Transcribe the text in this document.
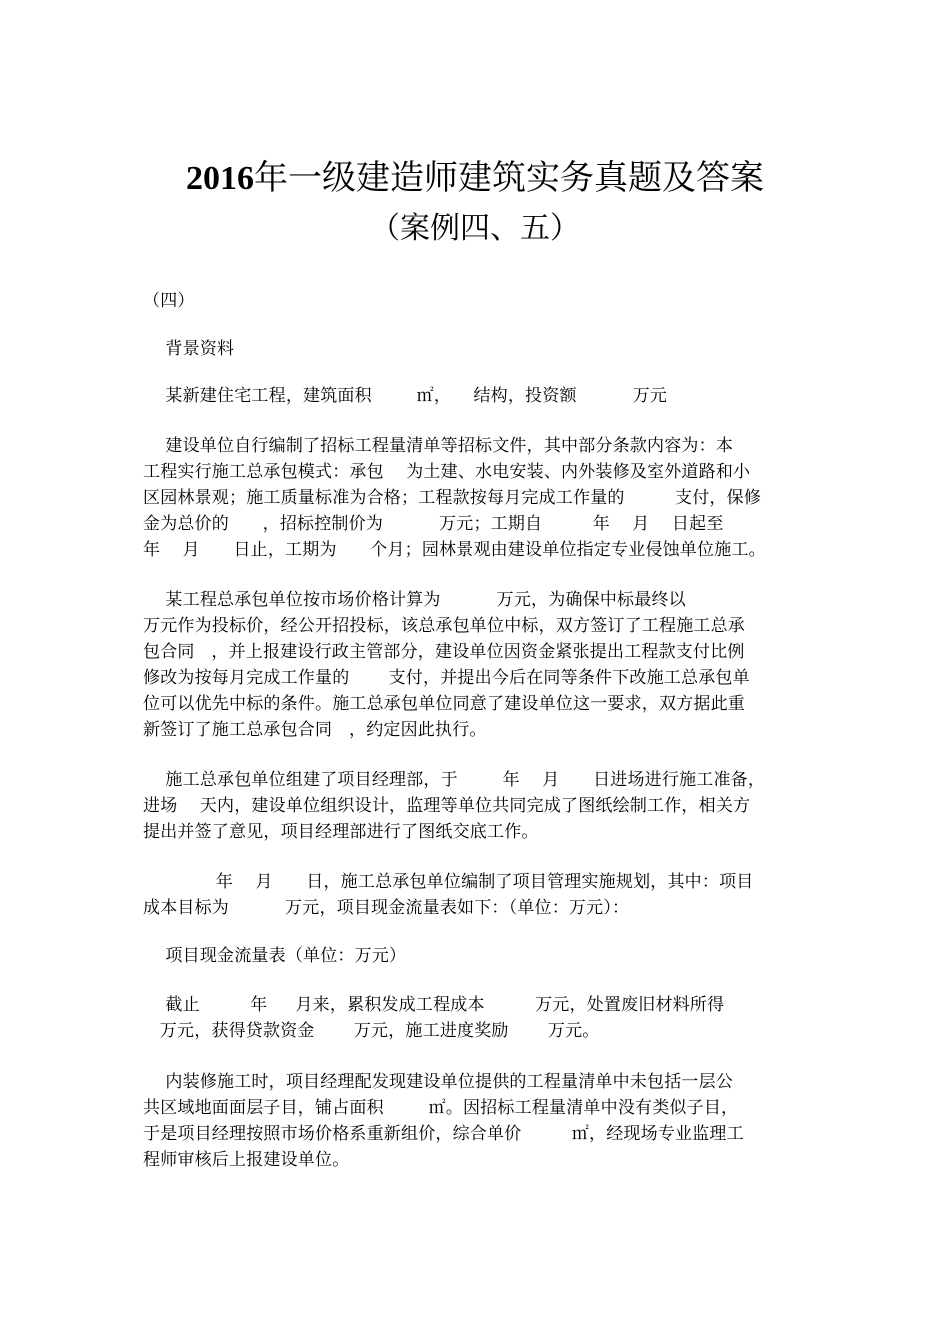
2016年一级建造师建筑实务真题及答案
（案例四、五）

（四）

背景资料

某新建住宅工程，建筑面积        ㎡，    结构，投资额          万元

建设单位自行编制了招标工程量清单等招标文件，其中部分条款内容为：本

工程实行施工总承包模式：承包    为土建、水电安装、内外装修及室外道路和小

区园林景观；施工质量标准为合格；工程款按每月完成工作量的         支付，保修

金为总价的      ，招标控制价为          万元；工期自         年    月    日起至

年    月      日止，工期为      个月；园林景观由建设单位指定专业侵蚀单位施工。

某工程总承包单位按市场价格计算为          万元，为确保中标最终以

万元作为投标价，经公开招投标，该总承包单位中标，双方签订了工程施工总承

包合同   ，并上报建设行政主管部分，建设单位因资金紧张提出工程款支付比例

修改为按每月完成工作量的       支付，并提出今后在同等条件下改施工总承包单

位可以优先中标的条件。施工总承包单位同意了建设单位这一要求，双方据此重

新签订了施工总承包合同   ，约定因此执行。

施工总承包单位组建了项目经理部，于        年    月      日进场进行施工准备，

进场    天内，建设单位组织设计，监理等单位共同完成了图纸绘制工作，相关方

提出并签了意见，项目经理部进行了图纸交底工作。

年    月      日，施工总承包单位编制了项目管理实施规划，其中：项目

成本目标为          万元，项目现金流量表如下：（单位：万元）：

项目现金流量表（单位：万元）

截止         年     月来，累积发成工程成本         万元，处置废旧材料所得

万元，获得贷款资金       万元，施工进度奖励       万元。

内装修施工时，项目经理配发现建设单位提供的工程量清单中未包括一层公

共区域地面面层子目，铺占面积        ㎡。因招标工程量清单中没有类似子目，

于是项目经理按照市场价格系重新组价，综合单价         ㎡，经现场专业监理工

程师审核后上报建设单位。
